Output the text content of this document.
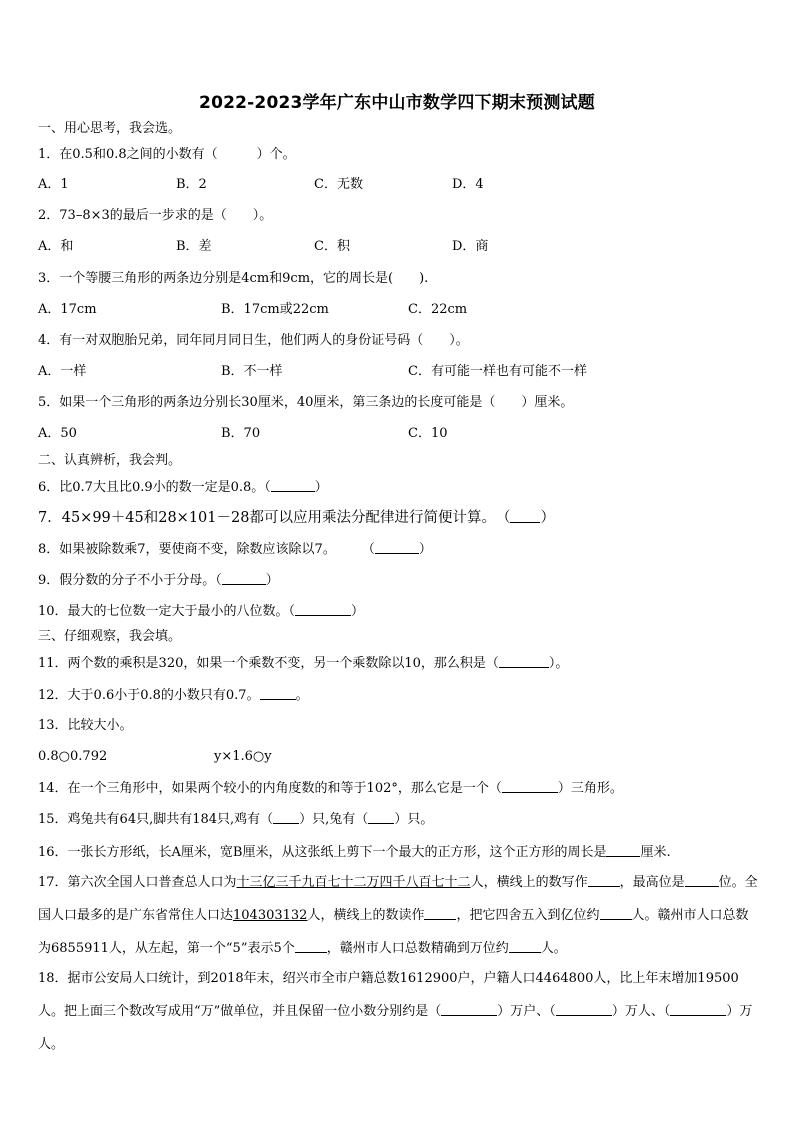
2022-2023学年广东中山市数学四下期末预测试题
一、用心思考，我会选。
1．在0.5和0.8之间的小数有（　　　）个。
A．1	B．2	C．无数	D．4
2．73–8×3的最后一步求的是（　　）。
A．和	B．差	C．积	D．商
3．一个等腰三角形的两条边分别是4cm和9cm，它的周长是(　　).
A．17cm	B．17cm或22cm	C．22cm
4．有一对双胞胎兄弟，同年同月同日生，他们两人的身份证号码（　　）。
A．一样	B．不一样	C．有可能一样也有可能不一样
5．如果一个三角形的两条边分别长30厘米，40厘米，第三条边的长度可能是（　　）厘米。
A．50	B．70	C．10
二、认真辨析，我会判。
6．比0.7大且比0.9小的数一定是0.8。（	）
7．45×99＋45和28×101－28都可以应用乘法分配律进行简便计算。　（ ）
8．如果被除数乘7，要使商不变，除数应该除以7。　　　（	）
9．假分数的分子不小于分母。（	）
10．最大的七位数一定大于最小的八位数。（	）
三、仔细观察，我会填。
11．两个数的乘积是320，如果一个乘数不变，另一个乘数除以10，那么积是（	）。
12．大于0.6小于0.8的小数只有0.7。	。
13．比较大小。
0.8○0.792	y×1.6○y
14．在一个三角形中，如果两个较小的内角度数的和等于102°，那么它是一个（	）三角形。
15．鸡兔共有64只,脚共有184只,鸡有（ ）只,兔有（ ）只。
16．一张长方形纸，长A厘米，宽B厘米，从这张纸上剪下一个最大的正方形，这个正方形的周长是	厘米.
17．第六次全国人口普查总人口为十三亿三千九百七十二万四千八百七十二人，横线上的数写作 ，最高位是	位。全国人口最多的是广东省常住人口达104303132人，横线上的数读作 ，把它四舍五入到亿位约 人。赣州市人口总数为6855911人，从左起，第一个“5”表示5个 ，赣州市人口总数精确到万位约 人。
18．据市公安局人口统计，到2018年末，绍兴市全市户籍总数1612900户，户籍人口4464800人，比上年末增加19500人。把上面三个数改写成用“万”做单位，并且保留一位小数分别约是（	）万户、（	）万人、（	）万人。
